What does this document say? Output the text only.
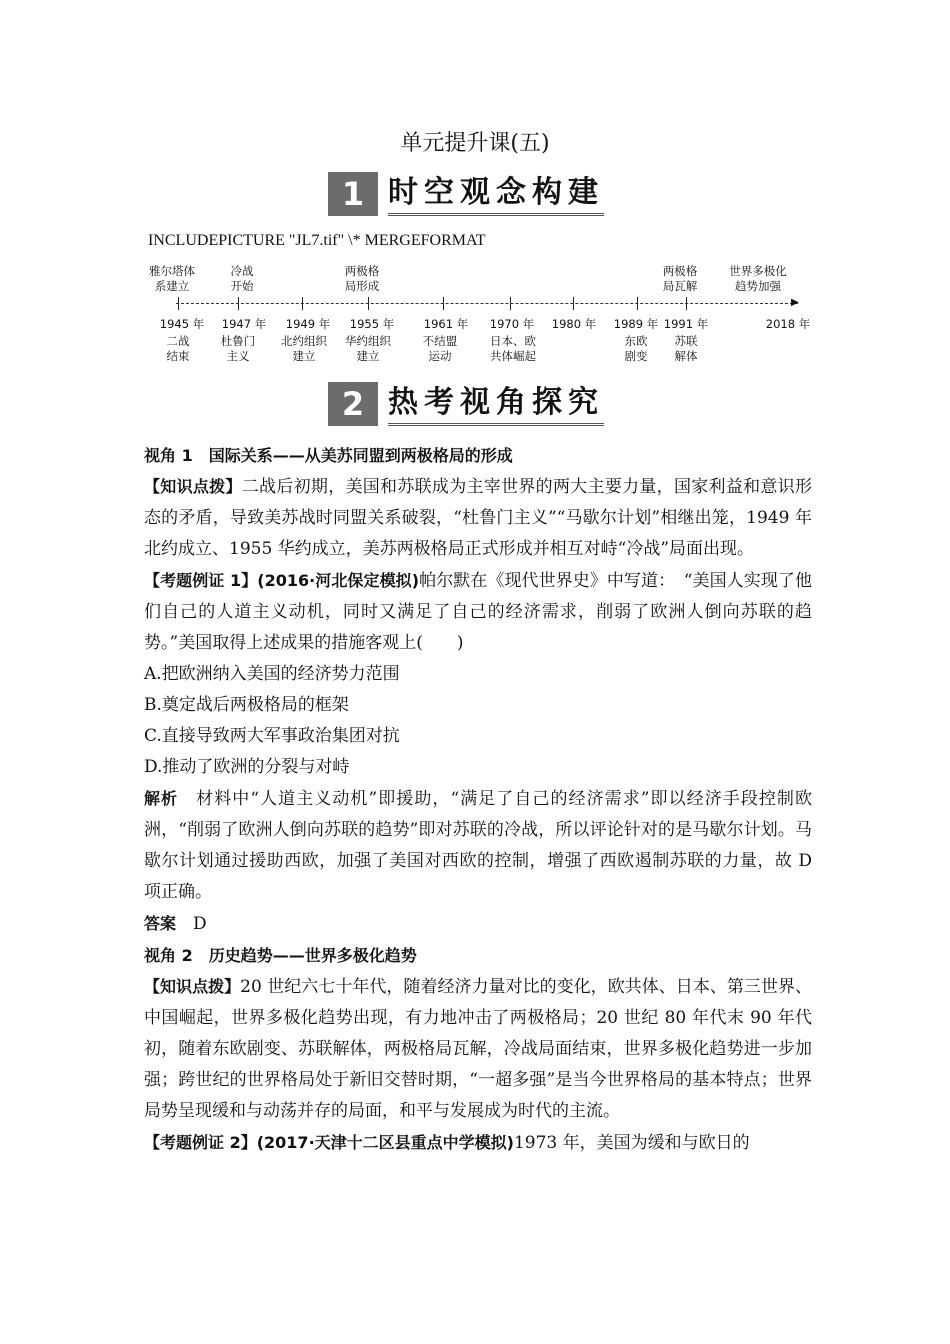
单元提升课(五)
1 时空观念构建
INCLUDEPICTURE "JL7.tif" \* MERGEFORMAT
▶
1945 年	1947 年	1949 年	1955 年	1961 年	1970 年	1980 年	1989 年 1991 年	2018 年
雅尔塔体系建立
冷战开始
两极格局形成
两极格局瓦解
世界多极化趋势加强
二战结束
杜鲁门主义
北约组织建立
华约组织建立
不结盟运动
日本、欧共体崛起
东欧剧变
苏联解体
2 热考视角探究

视角 1　国际关系——从美苏同盟到两极格局的形成

【知识点拨】二战后初期，美国和苏联成为主宰世界的两大主要力量，国家利益和意识形态的矛盾，导致美苏战时同盟关系破裂，“杜鲁门主义”“马歇尔计划”相继出笼，1949 年北约成立、1955 华约成立，美苏两极格局正式形成并相互对峙“冷战”局面出现。

【考题例证 1】(2016·河北保定模拟)帕尔默在《现代世界史》中写道：　“美国人实现了他们自己的人道主义动机，同时又满足了自己的经济需求，削弱了欧洲人倒向苏联的趋势。”美国取得上述成果的措施客观上(　　)

A.把欧洲纳入美国的经济势力范围

B.奠定战后两极格局的框架

C.直接导致两大军事政治集团对抗

D.推动了欧洲的分裂与对峙

解析　材料中“人道主义动机”即援助，“满足了自己的经济需求”即以经济手段控制欧洲，“削弱了欧洲人倒向苏联的趋势”即对苏联的冷战，所以评论针对的是马歇尔计划。马歇尔计划通过援助西欧，加强了美国对西欧的控制，增强了西欧遏制苏联的力量，故 D 项正确。

答案　D

视角 2　历史趋势——世界多极化趋势

【知识点拨】20 世纪六七十年代，随着经济力量对比的变化，欧共体、日本、第三世界、中国崛起，世界多极化趋势出现，有力地冲击了两极格局；20 世纪 80 年代末 90 年代初，随着东欧剧变、苏联解体，两极格局瓦解，冷战局面结束，世界多极化趋势进一步加强；跨世纪的世界格局处于新旧交替时期，“一超多强”是当今世界格局的基本特点；世界局势呈现缓和与动荡并存的局面，和平与发展成为时代的主流。

【考题例证 2】(2017·天津十二区县重点中学模拟)1973 年，美国为缓和与欧日的
